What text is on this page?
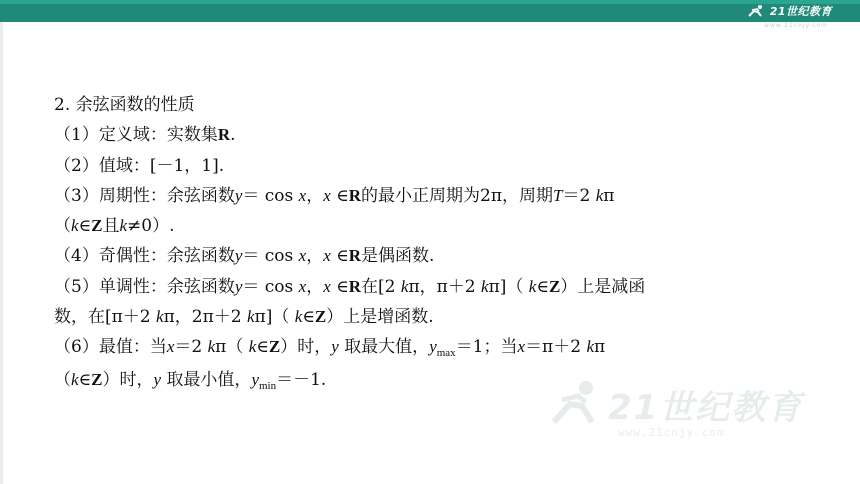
21世纪教育
www.21cnjy.com
2. 余弦函数的性质
（1）定义域：实数集R.
（2）值域：[－1，1].
（3）周期性：余弦函数y＝ cos x，x ∈R的最小正周期为2π，周期T＝2 kπ
（k∈Z且k≠0）.
（4）奇偶性：余弦函数y＝ cos x，x ∈R是偶函数.
（5）单调性：余弦函数y＝ cos x，x ∈R在[2 kπ，π＋2 kπ]（ k∈Z）上是减函
数，在[π＋2 kπ，2π＋2 kπ]（ k∈Z）上是增函数.
（6）最值：当x＝2 kπ（ k∈Z）时，y 取最大值，$y_{max}=1$；当x＝π＋2 kπ
（k∈Z）时，y 取最小值，$y_{min}=-1$.
21世纪教育
www.21cnjy.com
